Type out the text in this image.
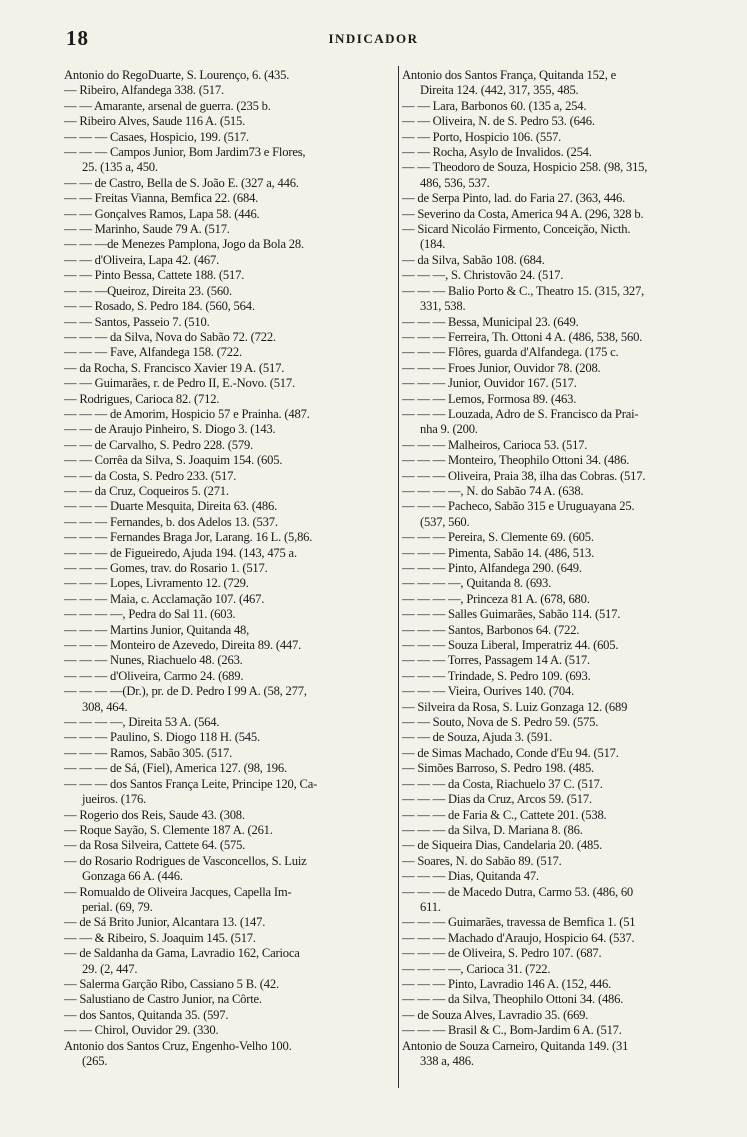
18	INDICADOR
Antonio do RegoDuarte, S. Lourenço, 6. (435.
— Ribeiro, Alfandega 338. (517.
— — Amarante, arsenal de guerra. (235 b.
— Ribeiro Alves, Saude 116 A. (515.
— — — Casaes, Hospicio, 199. (517.
— — — Campos Junior, Bom Jardim73 e Flores,
25. (135 a, 450.
— — de Castro, Bella de S. João E. (327 a, 446.
— — Freitas Vianna, Bemfica 22. (684.
— — Gonçalves Ramos, Lapa 58. (446.
— — Marinho, Saude 79 A. (517.
— — —de Menezes Pamplona, Jogo da Bola 28.
— — d'Oliveira, Lapa 42. (467.
— — Pinto Bessa, Cattete 188. (517.
— — —Queiroz, Direita 23. (560.
— — Rosado, S. Pedro 184. (560, 564.
— — Santos, Passeio 7. (510.
— — — da Silva, Nova do Sabão 72. (722.
— — — Fave, Alfandega 158. (722.
— da Rocha, S. Francisco Xavier 19 A. (517.
— — Guimarães, r. de Pedro II, E.-Novo. (517.
— Rodrigues, Carioca 82. (712.
— — — de Amorim, Hospicio 57 e Prainha. (487.
— — de Araujo Pinheiro, S. Diogo 3. (143.
— — de Carvalho, S. Pedro 228. (579.
— — Corrêa da Silva, S. Joaquim 154. (605.
— — da Costa, S. Pedro 233. (517.
— — da Cruz, Coqueiros 5. (271.
— — — Duarte Mesquita, Direita 63. (486.
— — — Fernandes, b. dos Adelos 13. (537.
— — — Fernandes Braga Jor, Larang. 16 L. (5,86.
— — — de Figueiredo, Ajuda 194. (143, 475 a.
— — — Gomes, trav. do Rosario 1. (517.
— — — Lopes, Livramento 12. (729.
— — — Maia, c. Acclamação 107. (467.
— — — —, Pedra do Sal 11. (603.
— — — Martins Junior, Quitanda 48,
— — — Monteiro de Azevedo, Direita 89. (447.
— — — Nunes, Riachuelo 48. (263.
— — — d'Oliveira, Carmo 24. (689.
— — — —(Dr.), pr. de D. Pedro I 99 A. (58, 277,
308, 464.
— — — —, Direita 53 A. (564.
— — — Paulino, S. Diogo 118 H. (545.
— — — Ramos, Sabão 305. (517.
— — — de Sá, (Fiel), America 127. (98, 196.
— — — dos Santos França Leite, Principe 120, Ca-
jueiros. (176.
— Rogerio dos Reis, Saude 43. (308.
— Roque Sayão, S. Clemente 187 A. (261.
— da Rosa Silveira, Cattete 64. (575.
— do Rosario Rodrigues de Vasconcellos, S. Luiz
Gonzaga 66 A. (446.
— Romualdo de Oliveira Jacques, Capella Im-
perial. (69, 79.
— de Sá Brito Junior, Alcantara 13. (147.
— — & Ribeiro, S. Joaquim 145. (517.
— de Saldanha da Gama, Lavradio 162, Carioca
29. (2, 447.
— Salerma Garção Ribo, Cassiano 5 B. (42.
— Salustiano de Castro Junior, na Côrte.
— dos Santos, Quitanda 35. (597.
— — Chirol, Ouvidor 29. (330.
Antonio dos Santos Cruz, Engenho-Velho 100.
(265.
Antonio dos Santos França, Quitanda 152, e
Direita 124. (442, 317, 355, 485.
— — Lara, Barbonos 60. (135 a, 254.
— — Oliveira, N. de S. Pedro 53. (646.
— — Porto, Hospicio 106. (557.
— — Rocha, Asylo de Invalidos. (254.
— — Theodoro de Souza, Hospicio 258. (98, 315,
486, 536, 537.
— de Serpa Pinto, lad. do Faria 27. (363, 446.
— Severino da Costa, America 94 A. (296, 328 b.
— Sicard Nicoláo Firmento, Conceição, Nicth.
(184.
— da Silva, Sabão 108. (684.
— — —, S. Christovão 24. (517.
— — — Balio Porto & C., Theatro 15. (315, 327,
331, 538.
— — — Bessa, Municipal 23. (649.
— — — Ferreira, Th. Ottoni 4 A. (486, 538, 560.
— — — Flôres, guarda d'Alfandega. (175 c.
— — — Froes Junior, Ouvidor 78. (208.
— — — Junior, Ouvidor 167. (517.
— — — Lemos, Formosa 89. (463.
— — — Louzada, Adro de S. Francisco da Prai-
nha 9. (200.
— — — Malheiros, Carioca 53. (517.
— — — Monteiro, Theophilo Ottoni 34. (486.
— — — Oliveira, Praia 38, ilha das Cobras. (517.
— — — —, N. do Sabão 74 A. (638.
— — — Pacheco, Sabão 315 e Uruguayana 25.
(537, 560.
— — — Pereira, S. Clemente 69. (605.
— — — Pimenta, Sabão 14. (486, 513.
— — — Pinto, Alfandega 290. (649.
— — — —, Quitanda 8. (693.
— — — —, Princeza 81 A. (678, 680.
— — — Salles Guimarães, Sabão 114. (517.
— — — Santos, Barbonos 64. (722.
— — — Souza Liberal, Imperatriz 44. (605.
— — — Torres, Passagem 14 A. (517.
— — — Trindade, S. Pedro 109. (693.
— — — Vieira, Ourives 140. (704.
— Silveira da Rosa, S. Luiz Gonzaga 12. (689
— — Souto, Nova de S. Pedro 59. (575.
— — de Souza, Ajuda 3. (591.
— de Simas Machado, Conde d'Eu 94. (517.
— Simões Barroso, S. Pedro 198. (485.
— — — da Costa, Riachuelo 37 C. (517.
— — — Dias da Cruz, Arcos 59. (517.
— — — de Faria & C., Cattete 201. (538.
— — — da Silva, D. Mariana 8. (86.
— de Siqueira Dias, Candelaria 20. (485.
— Soares, N. do Sabão 89. (517.
— — — Dias, Quitanda 47.
— — — de Macedo Dutra, Carmo 53. (486, 60
611.
— — — Guimarães, travessa de Bemfica 1. (51
— — — Machado d'Araujo, Hospicio 64. (537.
— — — de Oliveira, S. Pedro 107. (687.
— — — —, Carioca 31. (722.
— — — Pinto, Lavradio 146 A. (152, 446.
— — — da Silva, Theophilo Ottoni 34. (486.
— de Souza Alves, Lavradio 35. (669.
— — — Brasil & C., Bom-Jardim 6 A. (517.
Antonio de Souza Carneiro, Quitanda 149. (31
338 a, 486.
